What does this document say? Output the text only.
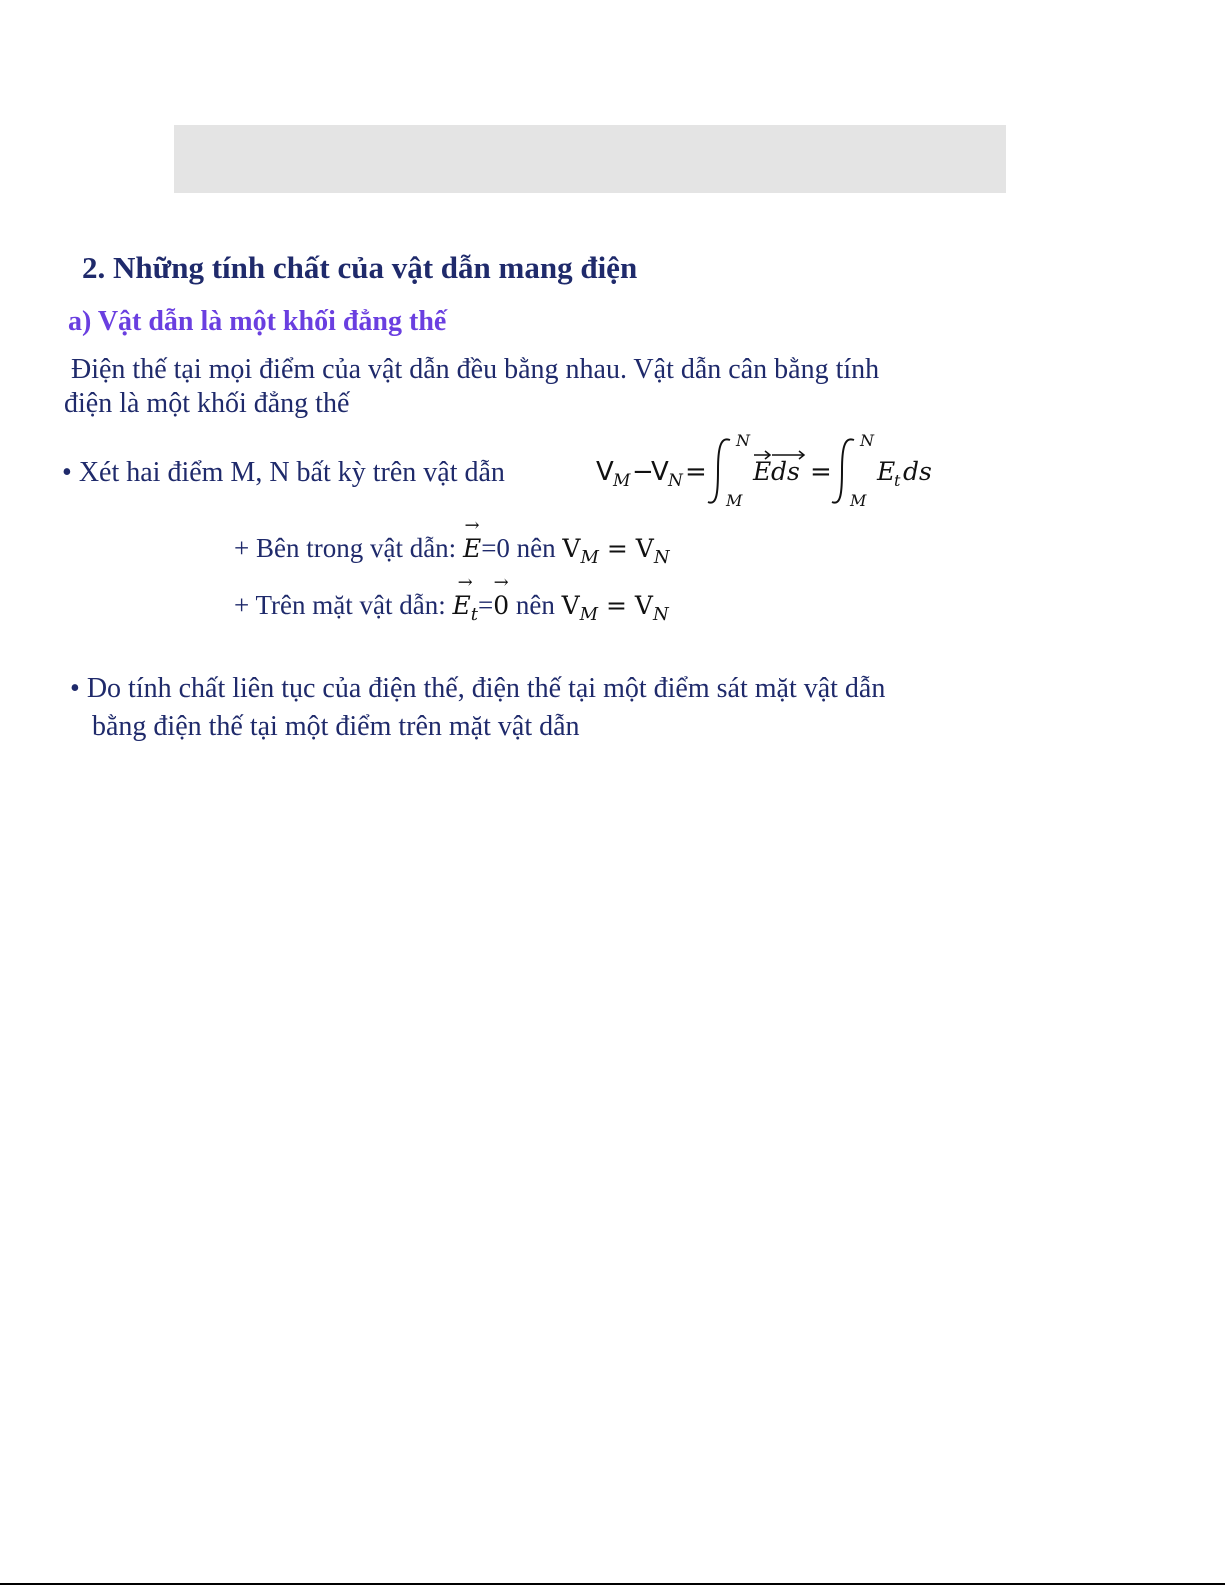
2. Những tính chất của vật dẫn mang điện
a) Vật dẫn là một khối đẳng thế
Điện thế tại mọi điểm của vật dẫn đều bằng nhau. Vật dẫn cân bằng tính
điện là một khối đẳng thế
• Xét hai điểm M, N bất kỳ trên vật dẫn	V M −
V N =
N
M
E ds =
N
M
E
t ds
+ Bên trong vật dẫn: → E=0 nên $V_M = V_N$
+ Trên mặt vật dẫn: → $E_t=\to 0$ nên $V_M = V_N$
• Do tính chất liên tục của điện thế, điện thế tại một điểm sát mặt vật dẫn
bằng điện thế tại một điểm trên mặt vật dẫn
